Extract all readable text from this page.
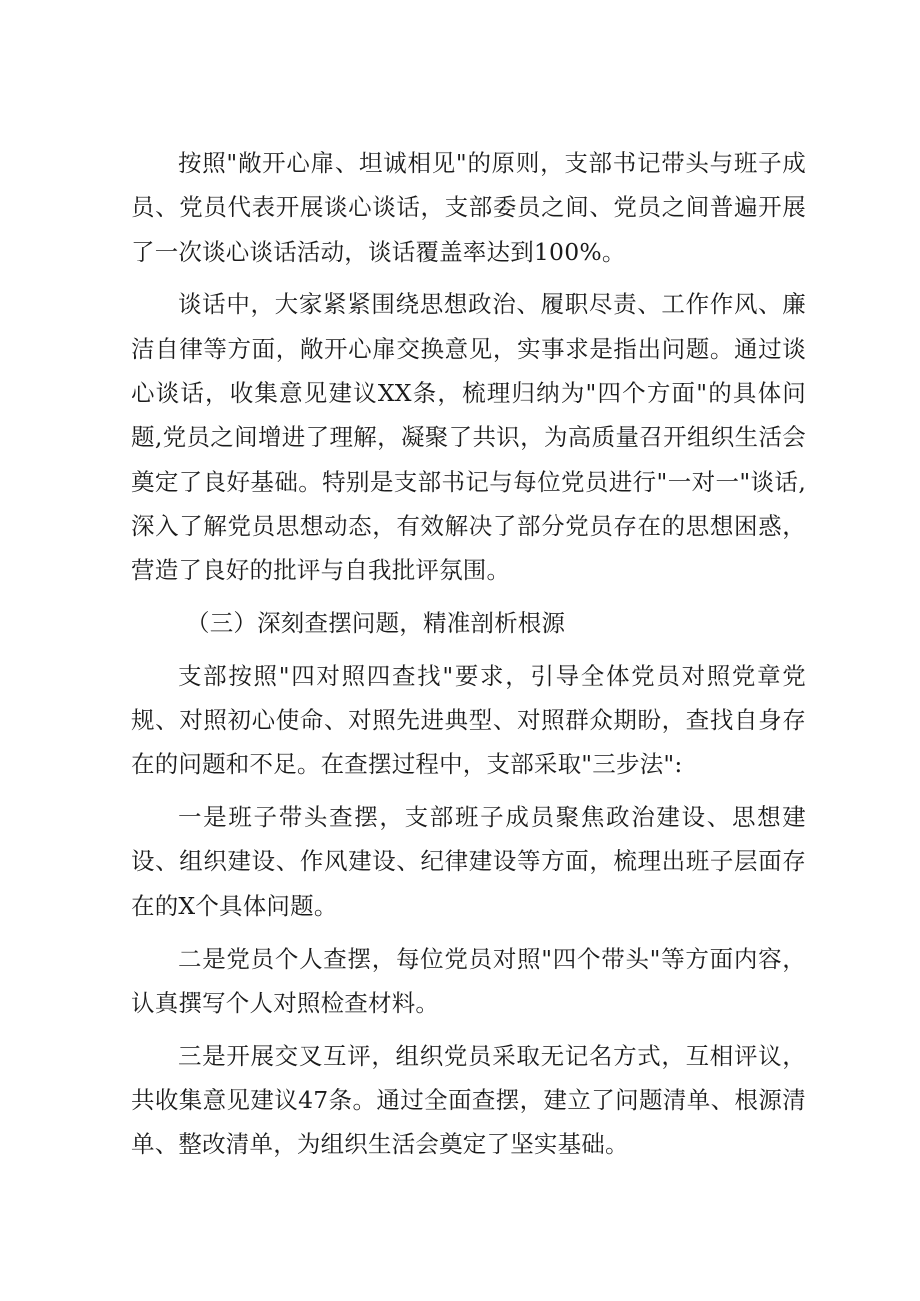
按照"敞开心扉、坦诚相见"的原则，支部书记带头与班子成员、党员代表开展谈心谈话，支部委员之间、党员之间普遍开展了一次谈心谈话活动，谈话覆盖率达到100%。

谈话中，大家紧紧围绕思想政治、履职尽责、工作作风、廉洁自律等方面，敞开心扉交换意见，实事求是指出问题。通过谈心谈话，收集意见建议XX条，梳理归纳为"四个方面"的具体问题,党员之间增进了理解，凝聚了共识，为高质量召开组织生活会奠定了良好基础。特别是支部书记与每位党员进行"一对一"谈话,深入了解党员思想动态，有效解决了部分党员存在的思想困惑，营造了良好的批评与自我批评氛围。

（三）深刻查摆问题，精准剖析根源

支部按照"四对照四查找"要求，引导全体党员对照党章党规、对照初心使命、对照先进典型、对照群众期盼，查找自身存在的问题和不足。在查摆过程中，支部采取"三步法":

一是班子带头查摆，支部班子成员聚焦政治建设、思想建设、组织建设、作风建设、纪律建设等方面，梳理出班子层面存在的X个具体问题。

二是党员个人查摆，每位党员对照"四个带头"等方面内容，认真撰写个人对照检查材料。

三是开展交叉互评，组织党员采取无记名方式，互相评议，共收集意见建议47条。通过全面查摆，建立了问题清单、根源清单、整改清单，为组织生活会奠定了坚实基础。
